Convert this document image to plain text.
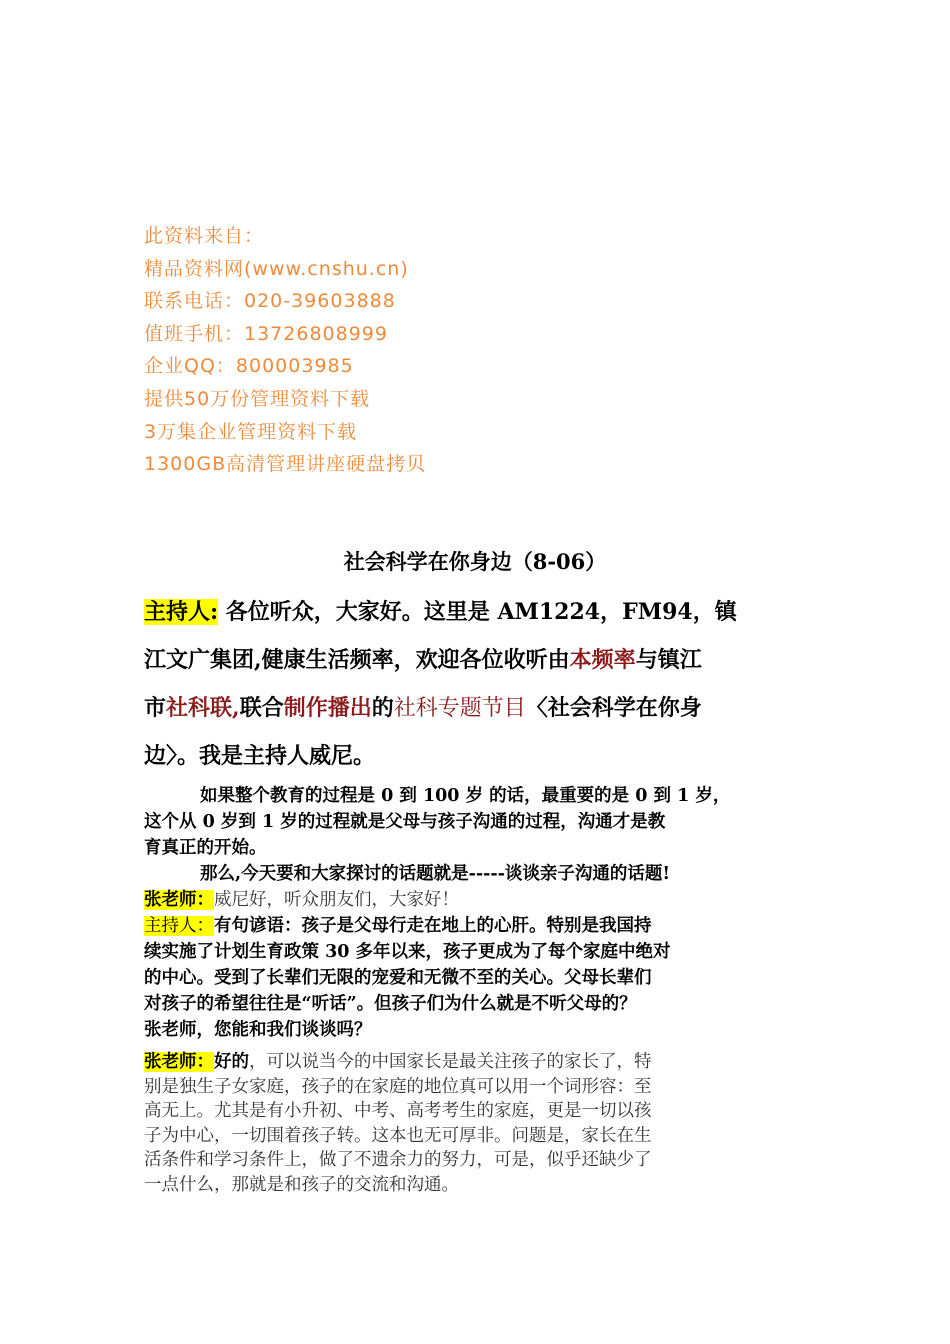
此资料来自：
精品资料网(www.cnshu.cn)
联系电话：020-39603888
值班手机：13726808999
企业QQ：800003985
提供50万份管理资料下载
3万集企业管理资料下载
1300GB高清管理讲座硬盘拷贝
社会科学在你身边（8-06）
主持人: 各位听众，大家好。这里是 AM1224，FM94，镇
江文广集团,健康生活频率，欢迎各位收听由本频率与镇江
市社科联,联合制作播出的社科专题节目〈社会科学在你身
边〉。我是主持人威尼。
如果整个教育的过程是 0 到 100 岁 的话，最重要的是 0 到 1 岁，
这个从 0 岁到 1 岁的过程就是父母与孩子沟通的过程，沟通才是教
育真正的开始。
那么,今天要和大家探讨的话题就是-----谈谈亲子沟通的话题!
张老师：威尼好，听众朋友们，大家好！
主持人：有句谚语：孩子是父母行走在地上的心肝。特别是我国持
续实施了计划生育政策 30 多年以来，孩子更成为了每个家庭中绝对
的中心。受到了长辈们无限的宠爱和无微不至的关心。父母长辈们
对孩子的希望往往是“听话”。但孩子们为什么就是不听父母的？
张老师，您能和我们谈谈吗？
张老师：好的，可以说当今的中国家长是最关注孩子的家长了，特
别是独生子女家庭，孩子的在家庭的地位真可以用一个词形容：至
高无上。尤其是有小升初、中考、高考考生的家庭，更是一切以孩
子为中心，一切围着孩子转。这本也无可厚非。问题是，家长在生
活条件和学习条件上，做了不遗余力的努力，可是，似乎还缺少了
一点什么，那就是和孩子的交流和沟通。
